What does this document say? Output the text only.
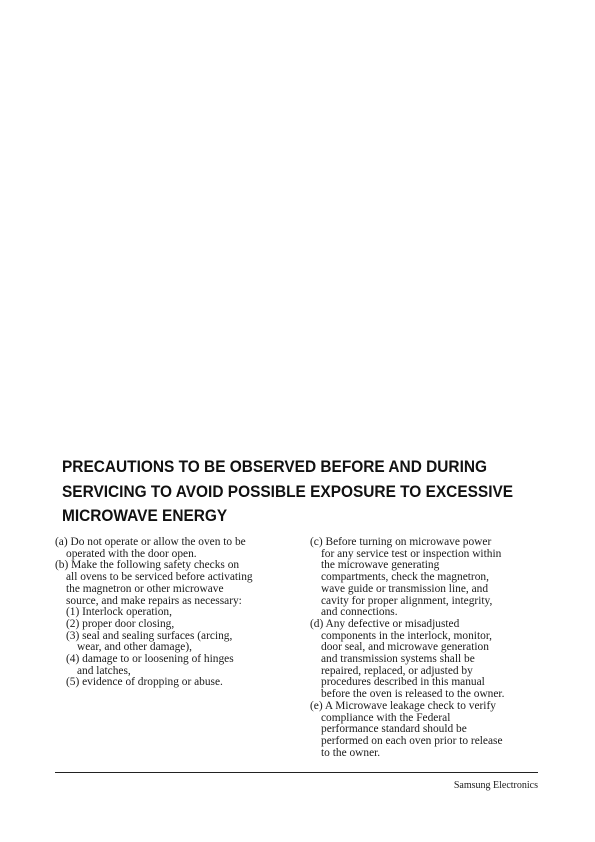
PRECAUTIONS TO BE OBSERVED BEFORE AND DURING
SERVICING TO AVOID POSSIBLE EXPOSURE TO EXCESSIVE
MICROWAVE ENERGY
(a) Do not operate or allow the oven to be
operated with the door open.
(b) Make the following safety checks on
all ovens to be serviced before activating
the magnetron or other microwave
source, and make repairs as necessary:
(1) Interlock operation,
(2) proper door closing,
(3) seal and sealing surfaces (arcing,
wear, and other damage),
(4) damage to or loosening of hinges
and latches,
(5) evidence of dropping or abuse.
(c) Before turning on microwave power
for any service test or inspection within
the microwave generating
compartments, check the magnetron,
wave guide or transmission line, and
cavity for proper alignment, integrity,
and connections.
(d) Any defective or misadjusted
components in the interlock, monitor,
door seal, and microwave generation
and transmission systems shall be
repaired, replaced, or adjusted by
procedures described in this manual
before the oven is released to the owner.
(e) A Microwave leakage check to verify
compliance with the Federal
performance standard should be
performed on each oven prior to release
to the owner.
Samsung Electronics
